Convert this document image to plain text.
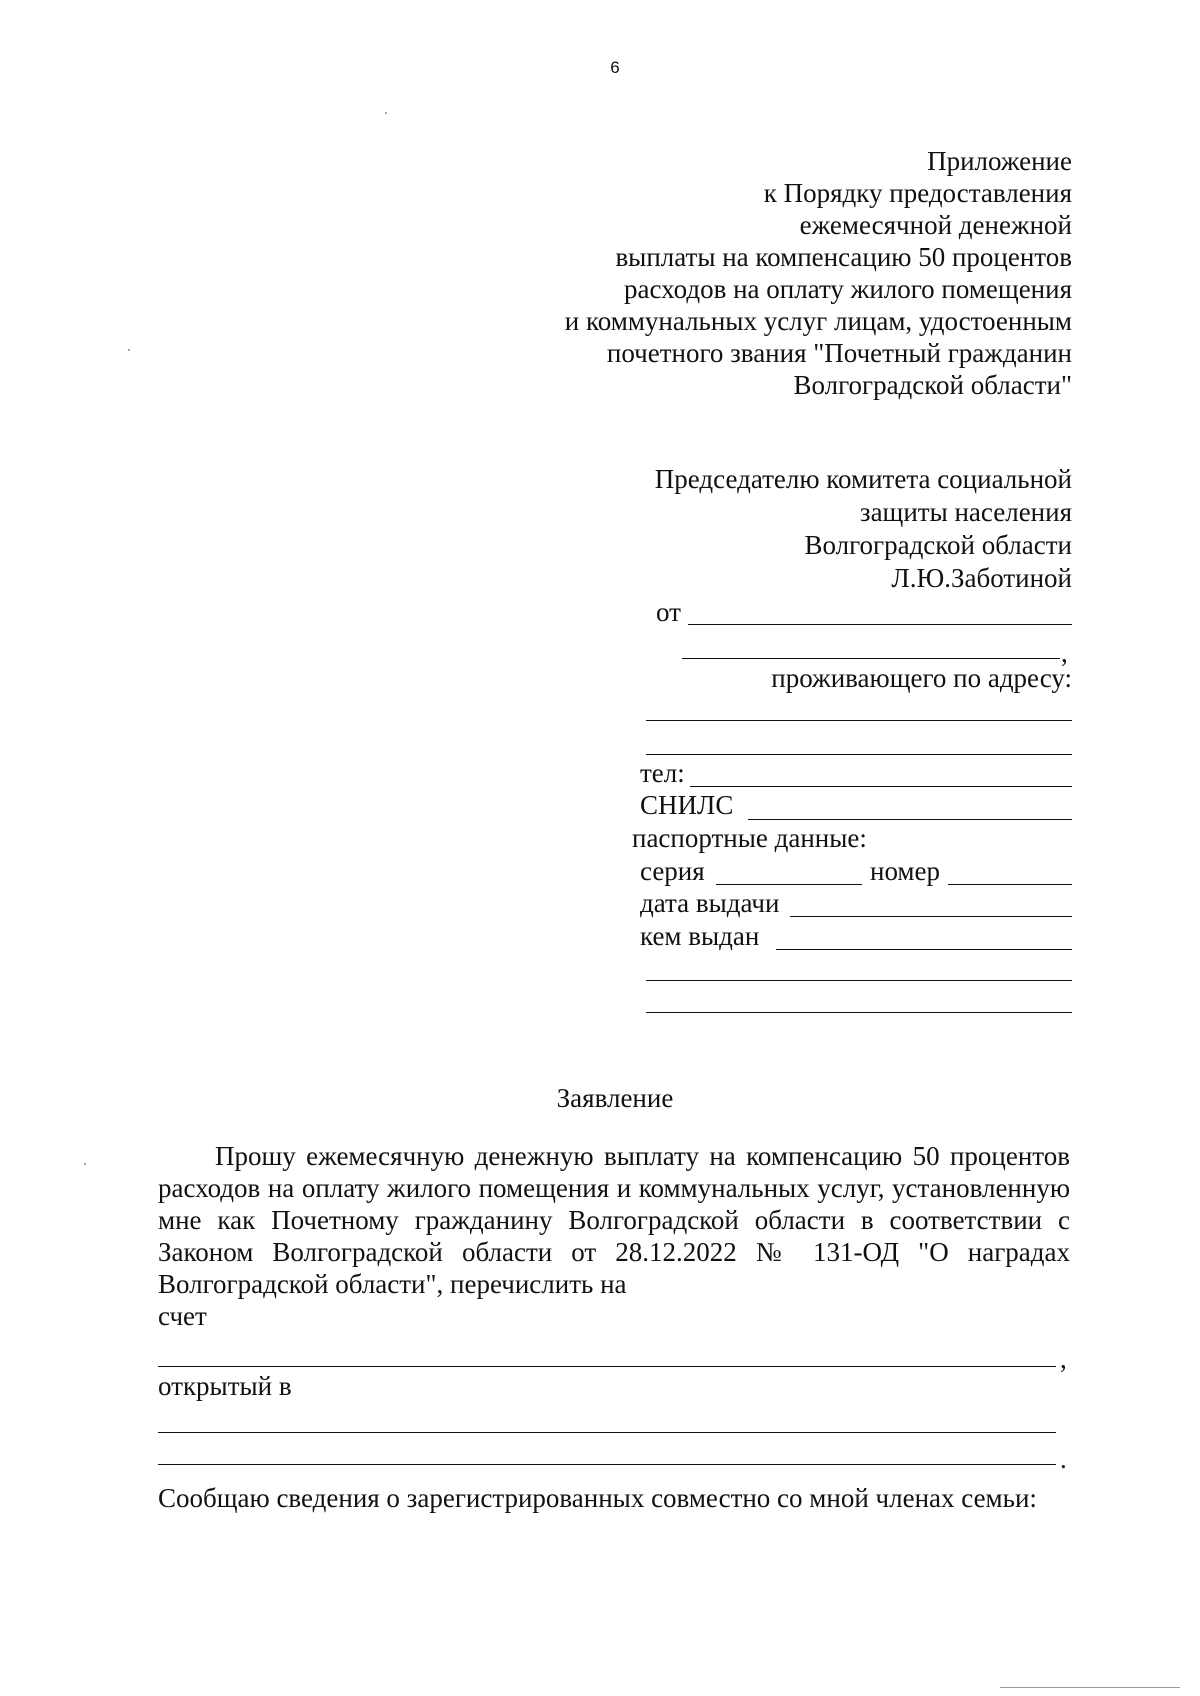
6
Приложение
к Порядку предоставления
ежемесячной денежной
выплаты на компенсацию 50 процентов
расходов на оплату жилого помещения
и коммунальных услуг лицам, удостоенным
почетного звания "Почетный гражданин
Волгоградской области"
Председателю комитета социальной
защиты населения
Волгоградской области
Л.Ю.Заботиной
от
,
проживающего по адресу:
тел:
СНИЛС
паспортные данные:
серия	номер
дата выдачи
кем выдан
Заявление
Прошу ежемесячную денежную выплату на компенсацию 50 процентов расходов на оплату жилого помещения и коммунальных услуг, установленную мне как Почетному гражданину Волгоградской области в соответствии с Законом Волгоградской области от 28.12.2022 № 131-ОД "О наградах Волгоградской области", перечислить на
счет
,
открытый в
.
Сообщаю сведения о зарегистрированных совместно со мной членах семьи:
